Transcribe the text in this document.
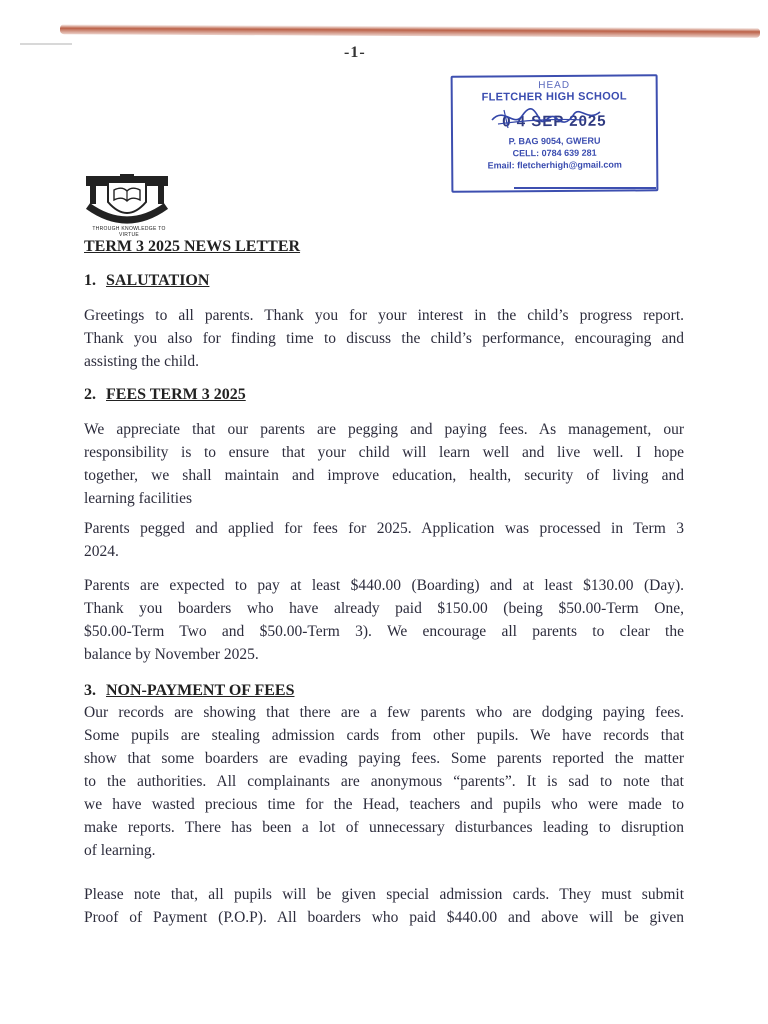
-1-
HEAD
FLETCHER HIGH SCHOOL
0 4 SEP 2025
P. BAG 9054, GWERU
CELL: 0784 639 281
Email: fletcherhigh@gmail.com
THROUGH KNOWLEDGE TO VIRTUE
TERM 3 2025 NEWS LETTER
1. SALUTATION
Greetings to all parents. Thank you for your interest in the child’s progress report.
Thank you also for finding time to discuss the child’s performance, encouraging and
assisting the child.
2. FEES TERM 3 2025
We appreciate that our parents are pegging and paying fees. As management, our
responsibility is to ensure that your child will learn well and live well. I hope
together, we shall maintain and improve education, health, security of living and
learning facilities
Parents pegged and applied for fees for 2025. Application was processed in Term 3
2024.
Parents are expected to pay at least $440.00 (Boarding) and at least $130.00 (Day).
Thank you boarders who have already paid $150.00 (being $50.00-Term One,
$50.00-Term Two and $50.00-Term 3). We encourage all parents to clear the
balance by November 2025.
3. NON-PAYMENT OF FEES
Our records are showing that there are a few parents who are dodging paying fees.
Some pupils are stealing admission cards from other pupils. We have records that
show that some boarders are evading paying fees. Some parents reported the matter
to the authorities. All complainants are anonymous “parents”. It is sad to note that
we have wasted precious time for the Head, teachers and pupils who were made to
make reports. There has been a lot of unnecessary disturbances leading to disruption
of learning.
Please note that, all pupils will be given special admission cards. They must submit
Proof of Payment (P.O.P). All boarders who paid $440.00 and above will be given
